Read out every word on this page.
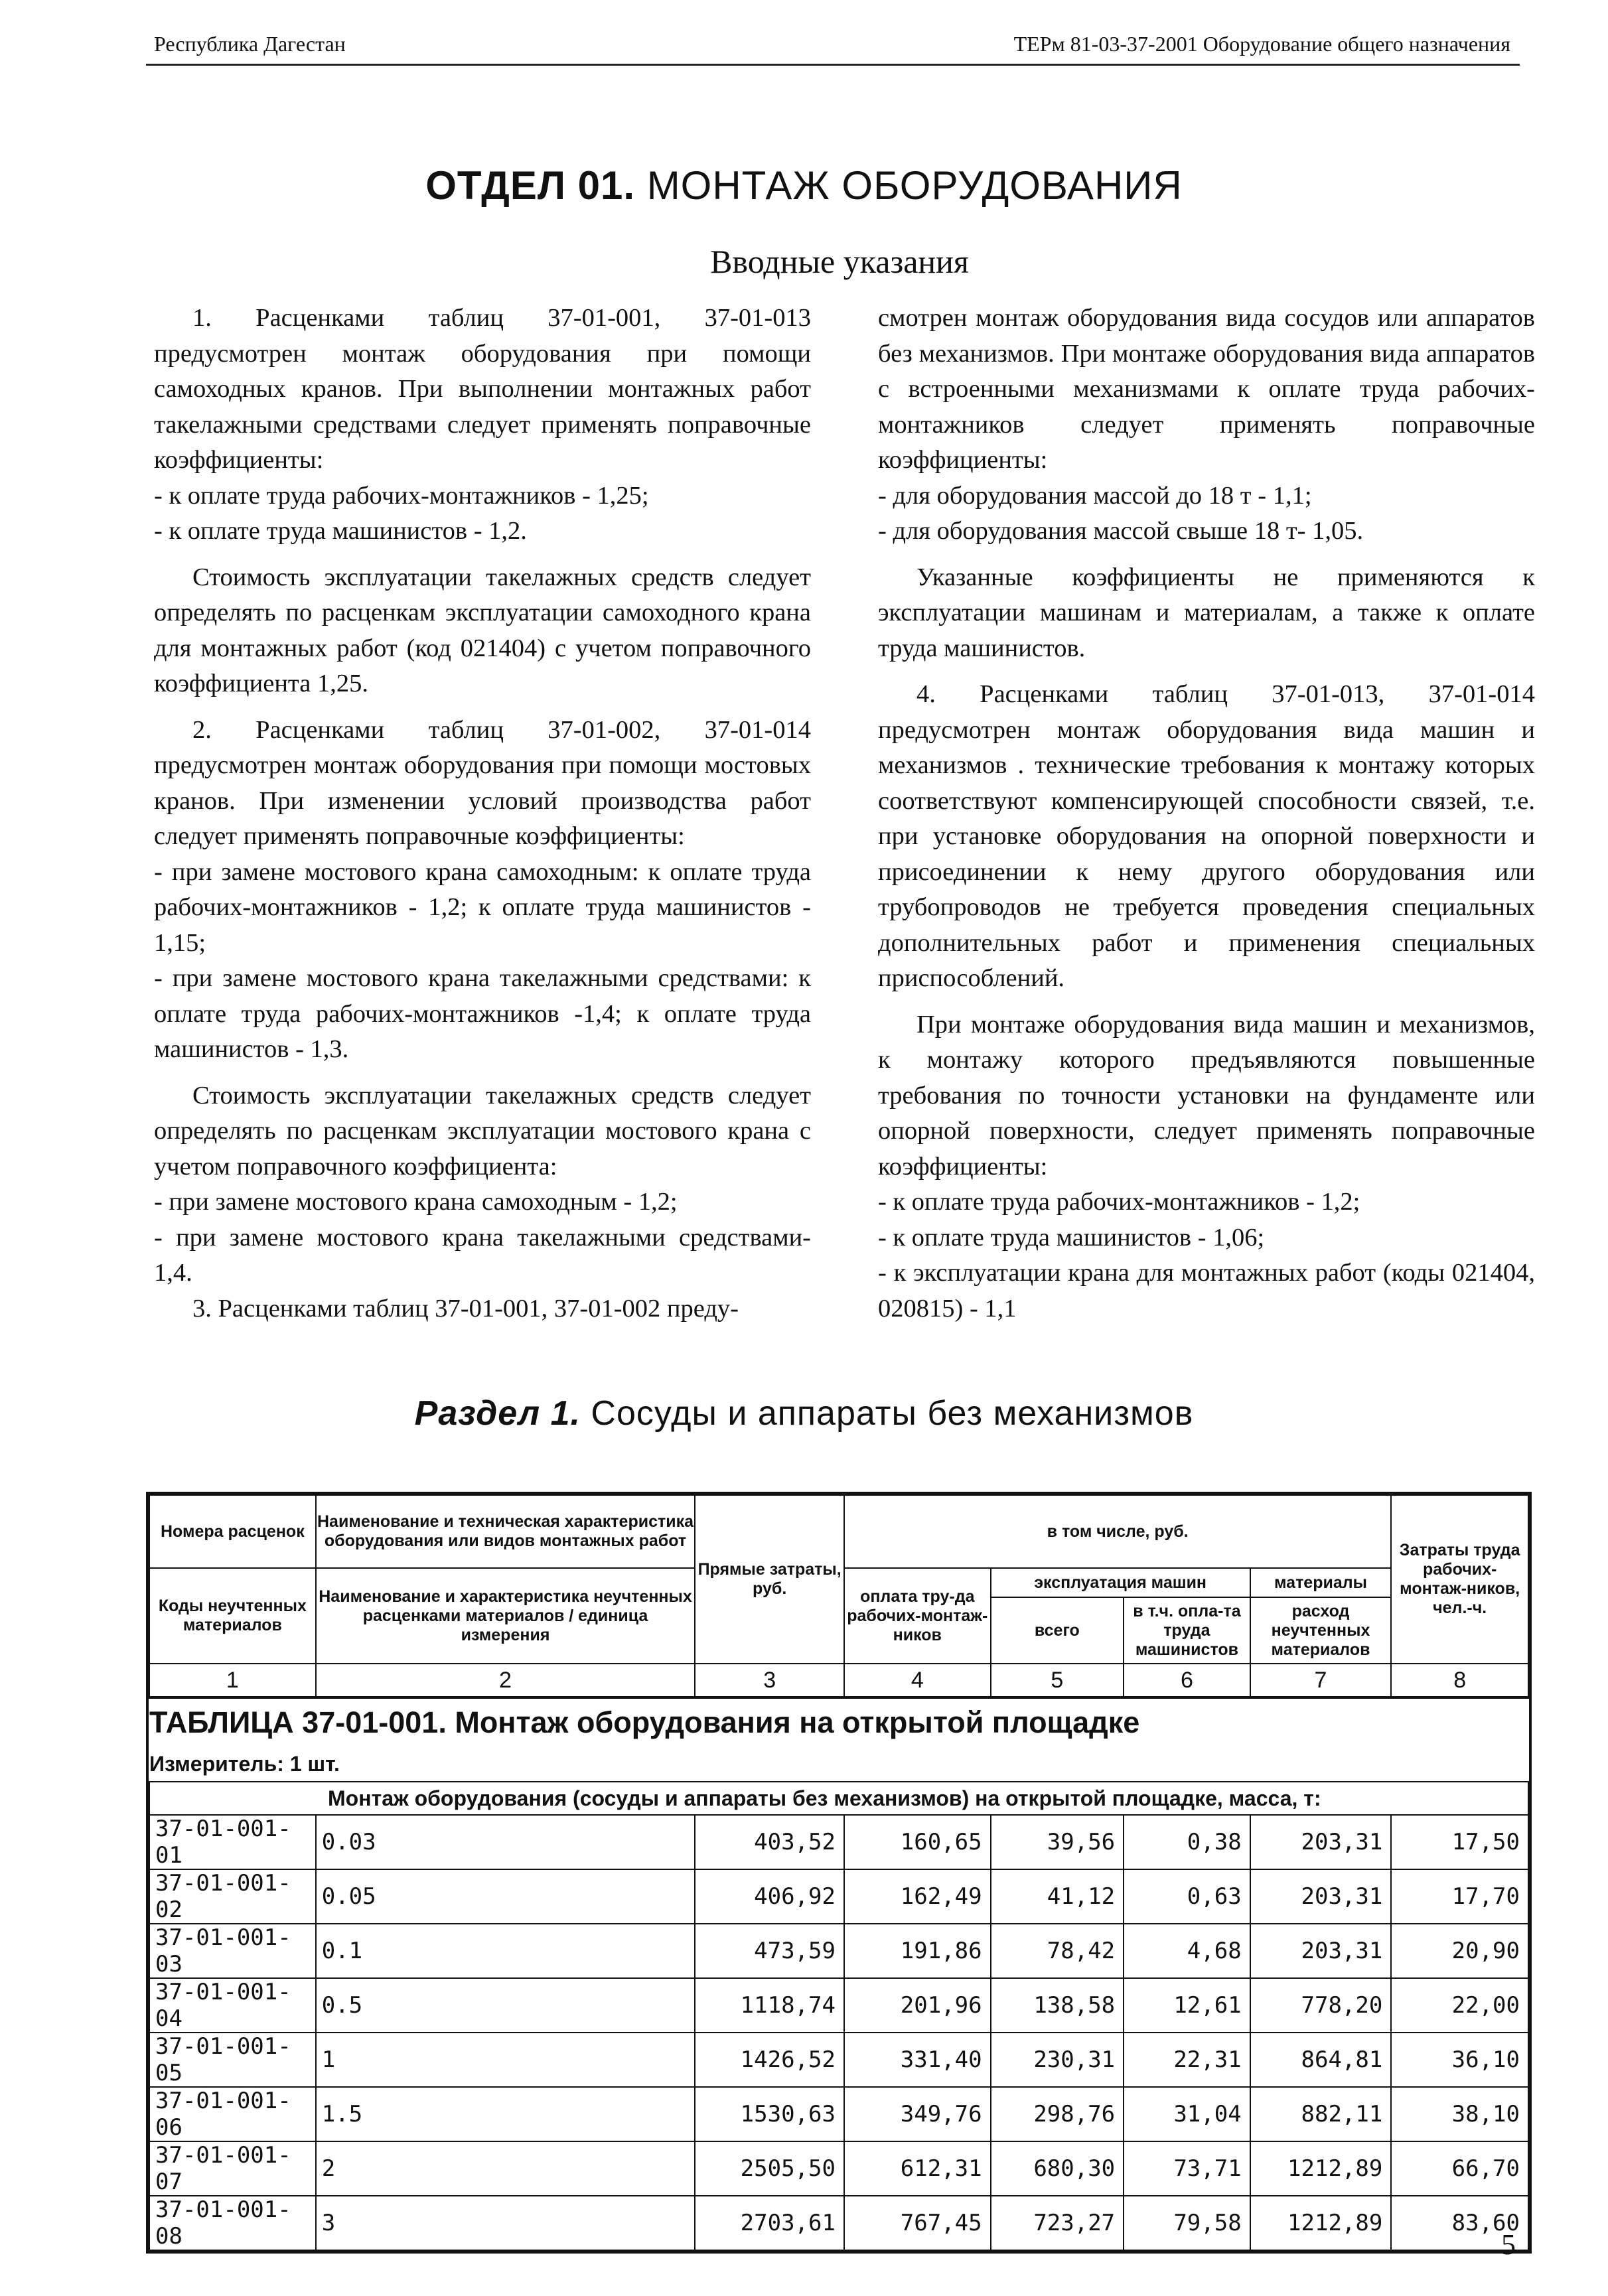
Республика Дагестан	ТЕРм 81-03-37-2001 Оборудование общего назначения
ОТДЕЛ 01. МОНТАЖ ОБОРУДОВАНИЯ
Вводные указания

1. Расценками таблиц 37-01-001, 37-01-013 предусмотрен монтаж оборудования при помощи самоходных кранов. При выполнении монтажных работ такелажными средствами следует применять поправочные коэффициенты:

- к оплате труда рабочих-монтажников - 1,25;

- к оплате труда машинистов - 1,2.

Стоимость эксплуатации такелажных средств следует определять по расценкам эксплуатации самоходного крана для монтажных работ (код 021404) с учетом поправочного коэффициента 1,25.

2. Расценками таблиц 37-01-002, 37-01-014 предусмотрен монтаж оборудования при помощи мостовых кранов. При изменении условий производства работ следует применять поправочные коэффициенты:

- при замене мостового крана самоходным: к оплате труда рабочих-монтажников - 1,2; к оплате труда машинистов - 1,15;

- при замене мостового крана такелажными средствами: к оплате труда рабочих-монтажников -1,4; к оплате труда машинистов - 1,3.

Стоимость эксплуатации такелажных средств следует определять по расценкам эксплуатации мостового крана с учетом поправочного коэффициента:

- при замене мостового крана самоходным - 1,2;

- при замене мостового крана такелажными средствами- 1,4.

3. Расценками таблиц 37-01-001, 37-01-002 преду-

смотрен монтаж оборудования вида сосудов или аппаратов без механизмов. При монтаже оборудования вида аппаратов с встроенными механизмами к оплате труда рабочих-монтажников следует применять поправочные коэффициенты:

- для оборудования массой до 18 т - 1,1;

- для оборудования массой свыше 18 т- 1,05.

Указанные коэффициенты не применяются к эксплуатации машинам и материалам, а также к оплате труда машинистов.

4. Расценками таблиц 37-01-013, 37-01-014 предусмотрен монтаж оборудования вида машин и механизмов . технические требования к монтажу которых соответствуют компенсирующей способности связей, т.е. при установке оборудования на опорной поверхности и присоединении к нему другого оборудования или трубопроводов не требуется проведения специальных дополнительных работ и применения специальных приспособлений.

При монтаже оборудования вида машин и механизмов, к монтажу которого предъявляются повышенные требования по точности установки на фундаменте или опорной поверхности, следует применять поправочные коэффициенты:

- к оплате труда рабочих-монтажников - 1,2;

- к оплате труда машинистов - 1,06;

- к эксплуатации крана для монтажных работ (коды 021404, 020815) - 1,1

Раздел 1. Сосуды и аппараты без механизмов
Номера расценок	Наименование и техническая характеристика оборудования или видов монтажных работ	Прямые затраты, руб.	в том числе, руб.				Затраты труда рабочих-монтаж-ников, чел.-ч.
Коды неучтенных материалов	Наименование и характеристика неучтенных расценками материалов / единица измерения		оплата тру-да рабочих-монтаж-ников	эксплуатация машин		материалы	
				всего	в т.ч. опла-та труда машинистов	расход неучтенных материалов	
1	2	3	4	5	6	7	8
ТАБЛИЦА 37-01-001. Монтаж оборудования на открытой площадке							
Измеритель: 1 шт.							
Монтаж оборудования (сосуды и аппараты без механизмов) на открытой площадке, масса, т:							
37-01-001-01	0.03	403,52	160,65	39,56	0,38	203,31	17,50
37-01-001-02	0.05	406,92	162,49	41,12	0,63	203,31	17,70
37-01-001-03	0.1	473,59	191,86	78,42	4,68	203,31	20,90
37-01-001-04	0.5	1118,74	201,96	138,58	12,61	778,20	22,00
37-01-001-05	1	1426,52	331,40	230,31	22,31	864,81	36,10
37-01-001-06	1.5	1530,63	349,76	298,76	31,04	882,11	38,10
37-01-001-07	2	2505,50	612,31	680,30	73,71	1212,89	66,70
37-01-001-08	3	2703,61	767,45	723,27	79,58	1212,89	83,60
5
